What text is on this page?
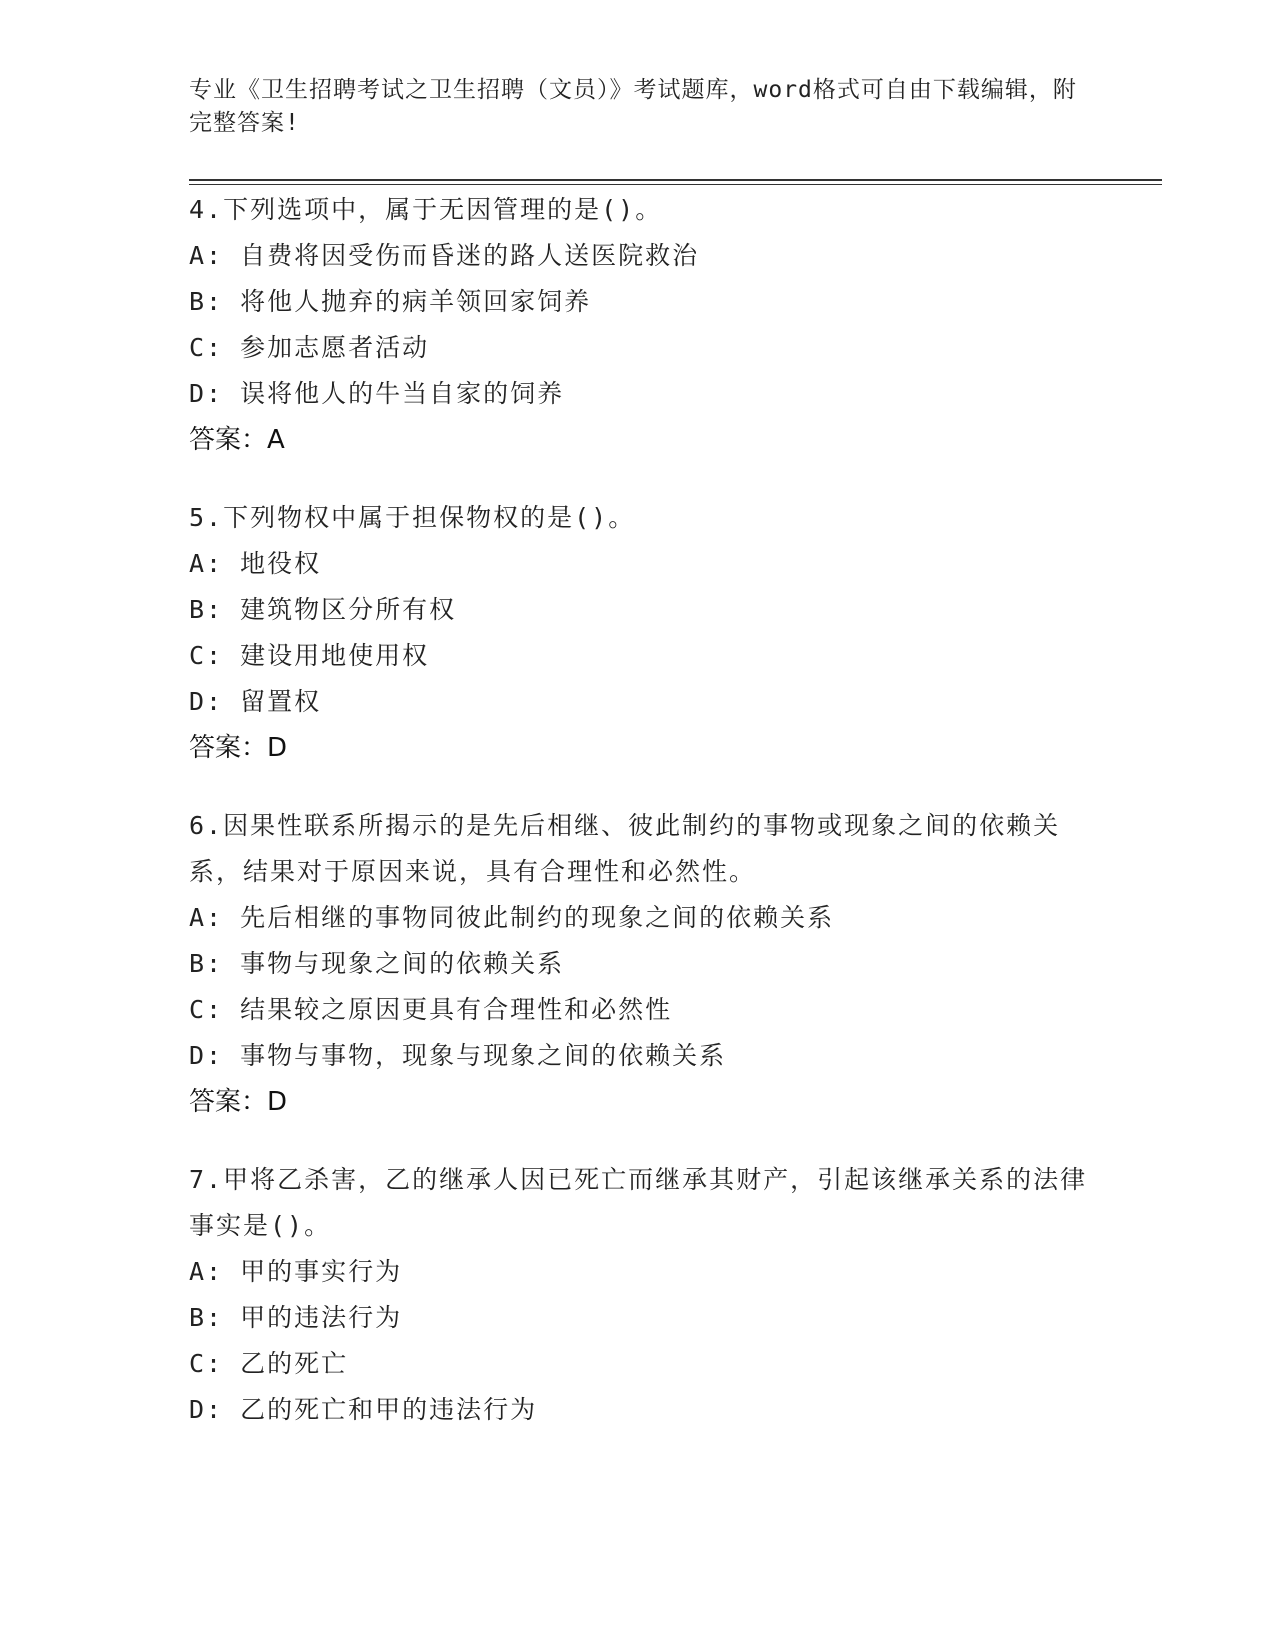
专业《卫生招聘考试之卫生招聘（文员）》考试题库，word格式可自由下载编辑，附完整答案!

4.下列选项中，属于无因管理的是()。

A: 自费将因受伤而昏迷的路人送医院救治

B: 将他人抛弃的病羊领回家饲养

C: 参加志愿者活动

D: 误将他人的牛当自家的饲养

答案：A

5.下列物权中属于担保物权的是()。

A: 地役权

B: 建筑物区分所有权

C: 建设用地使用权

D: 留置权

答案：D

6.因果性联系所揭示的是先后相继、彼此制约的事物或现象之间的依赖关系，结果对于原因来说，具有合理性和必然性。

A: 先后相继的事物同彼此制约的现象之间的依赖关系

B: 事物与现象之间的依赖关系

C: 结果较之原因更具有合理性和必然性

D: 事物与事物，现象与现象之间的依赖关系

答案：D

7.甲将乙杀害，乙的继承人因已死亡而继承其财产，引起该继承关系的法律事实是()。

A: 甲的事实行为

B: 甲的违法行为

C: 乙的死亡

D: 乙的死亡和甲的违法行为
